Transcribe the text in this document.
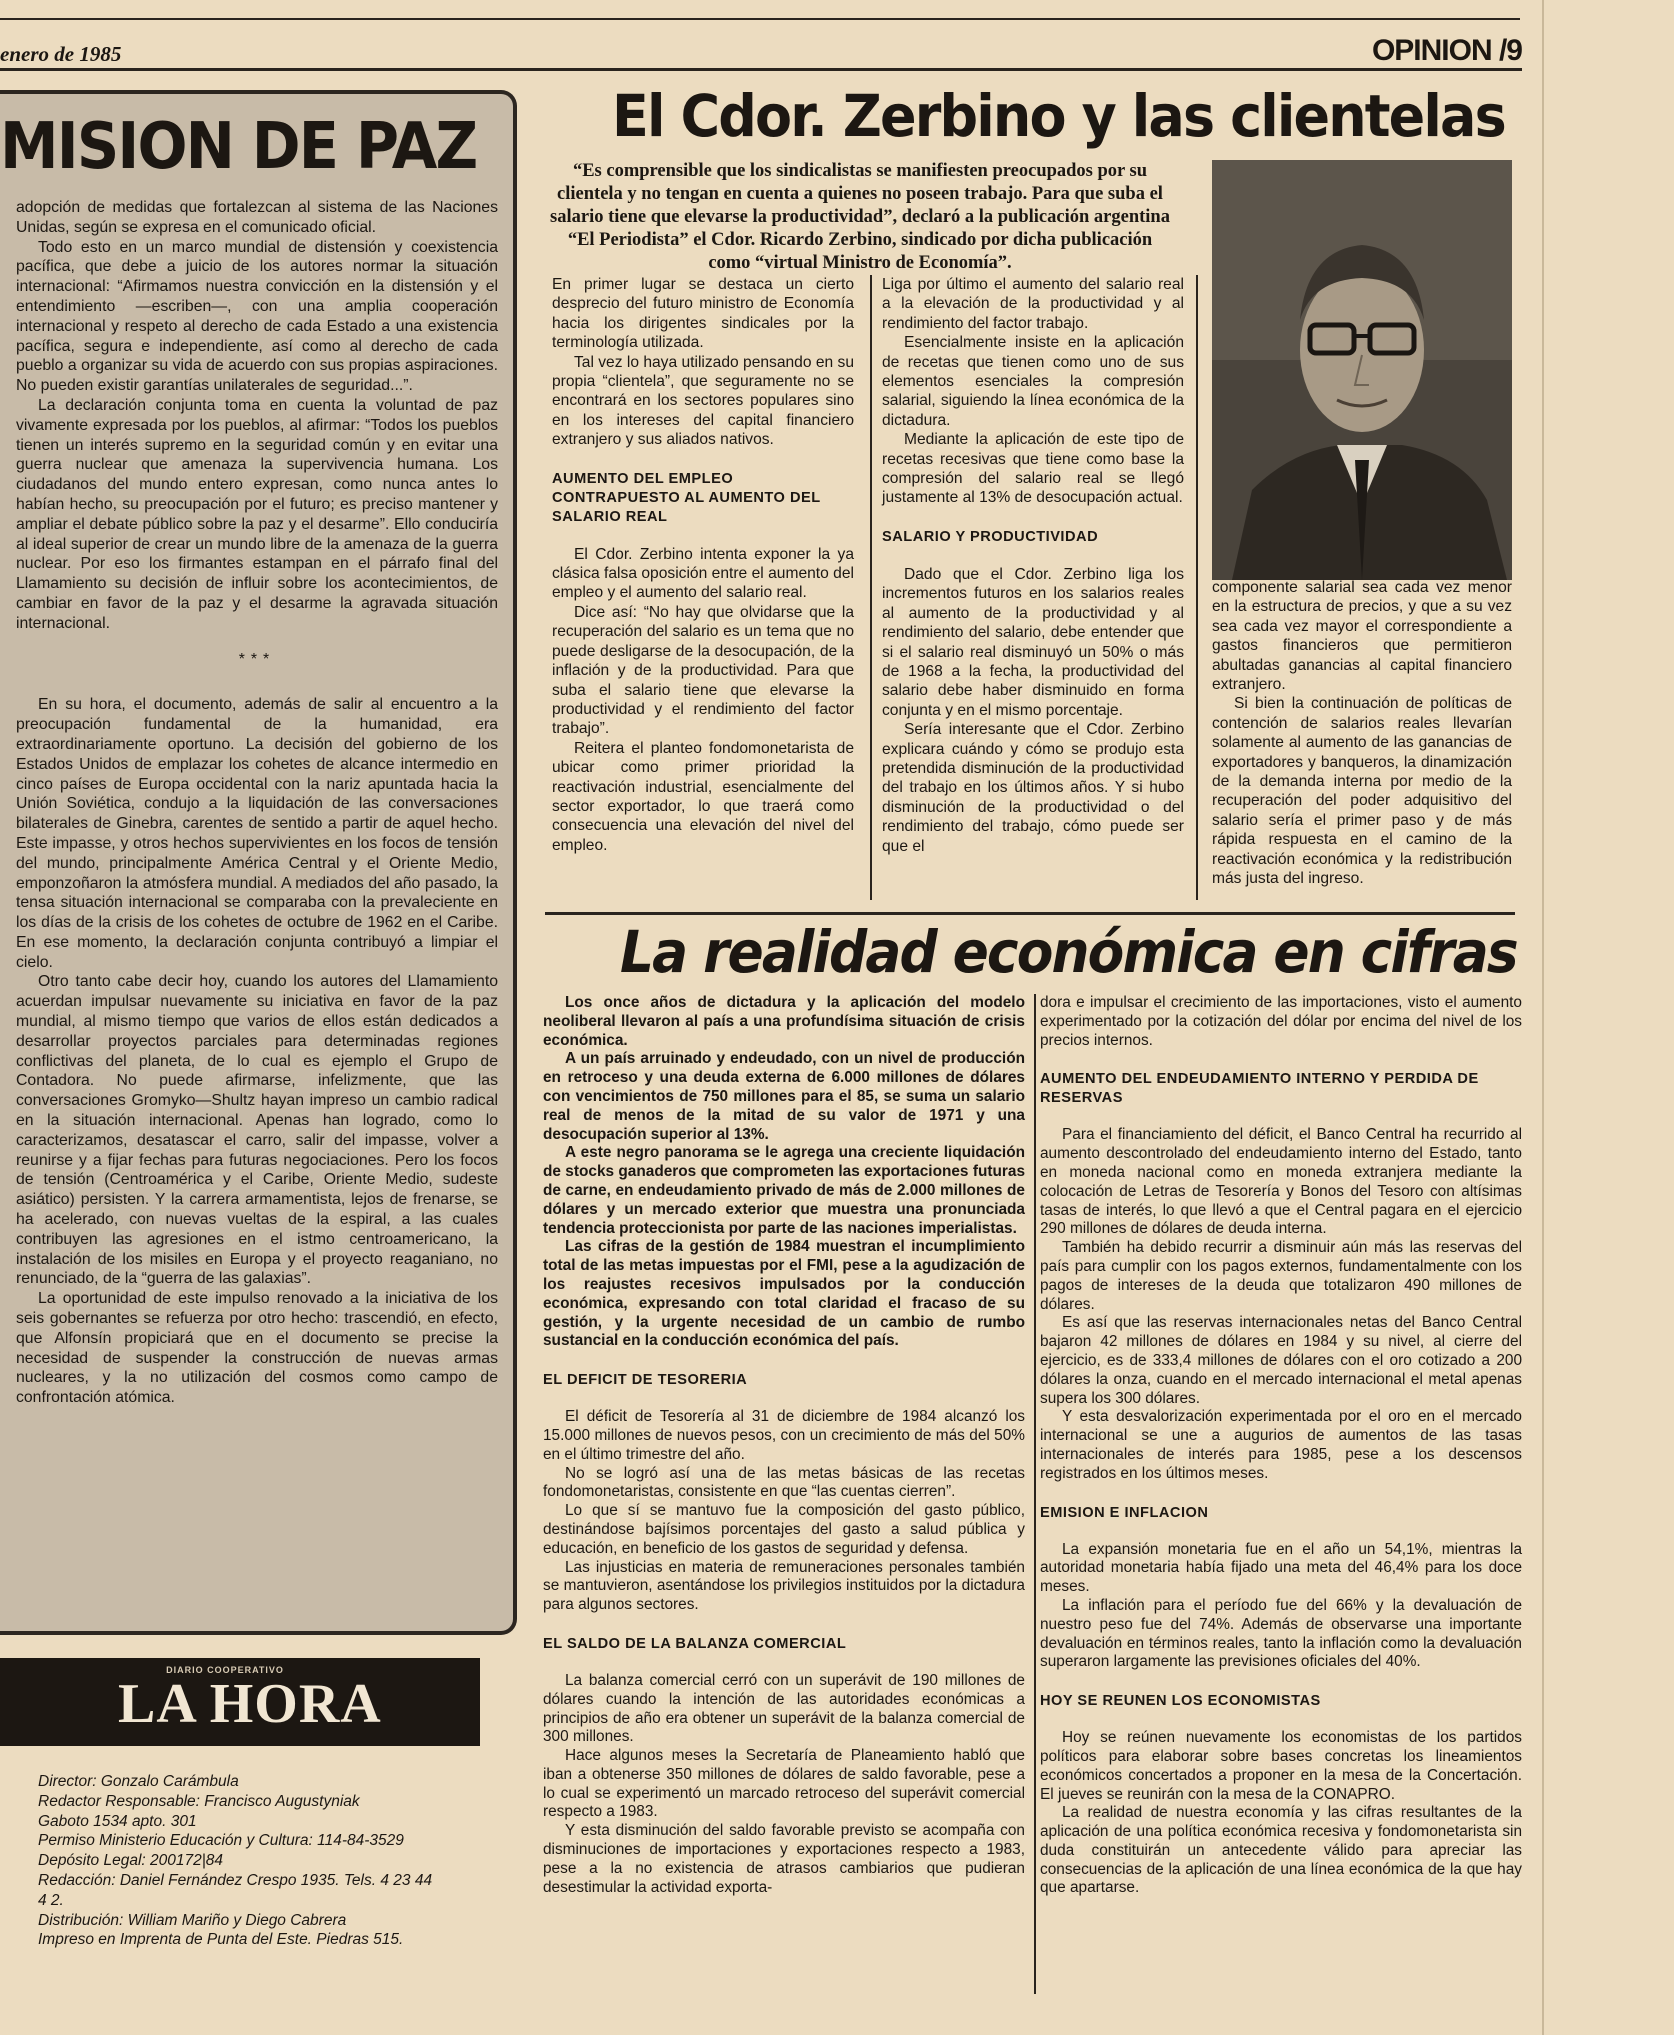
enero de 1985	OPINION /9
MISION DE PAZ

adopción de medidas que fortalezcan al sistema de las Naciones Unidas, según se expresa en el comunicado oficial.

Todo esto en un marco mundial de distensión y coexistencia pacífica, que debe a juicio de los autores normar la situación internacional: “Afirmamos nuestra convicción en la distensión y el entendimiento —escriben—, con una amplia cooperación internacional y respeto al derecho de cada Estado a una existencia pacífica, segura e independiente, así como al derecho de cada pueblo a organizar su vida de acuerdo con sus propias aspiraciones. No pueden existir garantías unilaterales de seguridad...”.

La declaración conjunta toma en cuenta la voluntad de paz vivamente expresada por los pueblos, al afirmar: “Todos los pueblos tienen un interés supremo en la seguridad común y en evitar una guerra nuclear que amenaza la supervivencia humana. Los ciudadanos del mundo entero expresan, como nunca antes lo habían hecho, su preocupación por el futuro; es preciso mantener y ampliar el debate público sobre la paz y el desarme”. Ello conduciría al ideal superior de crear un mundo libre de la amenaza de la guerra nuclear. Por eso los firmantes estampan en el párrafo final del Llamamiento su decisión de influir sobre los acontecimientos, de cambiar en favor de la paz y el desarme la agravada situación internacional.

***

En su hora, el documento, además de salir al encuentro a la preocupación fundamental de la humanidad, era extraordinariamente oportuno. La decisión del gobierno de los Estados Unidos de emplazar los cohetes de alcance intermedio en cinco países de Europa occidental con la nariz apuntada hacia la Unión Soviética, condujo a la liquidación de las conversaciones bilaterales de Ginebra, carentes de sentido a partir de aquel hecho. Este impasse, y otros hechos supervivientes en los focos de tensión del mundo, principalmente América Central y el Oriente Medio, emponzoñaron la atmósfera mundial. A mediados del año pasado, la tensa situación internacional se comparaba con la prevaleciente en los días de la crisis de los cohetes de octubre de 1962 en el Caribe. En ese momento, la declaración conjunta contribuyó a limpiar el cielo.

Otro tanto cabe decir hoy, cuando los autores del Llamamiento acuerdan impulsar nuevamente su iniciativa en favor de la paz mundial, al mismo tiempo que varios de ellos están dedicados a desarrollar proyectos parciales para determinadas regiones conflictivas del planeta, de lo cual es ejemplo el Grupo de Contadora. No puede afirmarse, infelizmente, que las conversaciones Gromyko—Shultz hayan impreso un cambio radical en la situación internacional. Apenas han logrado, como lo caracterizamos, desatascar el carro, salir del impasse, volver a reunirse y a fijar fechas para futuras negociaciones. Pero los focos de tensión (Centroamérica y el Caribe, Oriente Medio, sudeste asiático) persisten. Y la carrera armamentista, lejos de frenarse, se ha acelerado, con nuevas vueltas de la espiral, a las cuales contribuyen las agresiones en el istmo centroamericano, la instalación de los misiles en Europa y el proyecto reaganiano, no renunciado, de la “guerra de las galaxias”.

La oportunidad de este impulso renovado a la iniciativa de los seis gobernantes se refuerza por otro hecho: trascendió, en efecto, que Alfonsín propiciará que en el documento se precise la necesidad de suspender la construcción de nuevas armas nucleares, y la no utilización del cosmos como campo de confrontación atómica.

DIARIO COOPERATIVO
LA HORA
Director: Gonzalo Carámbula
Redactor Responsable: Francisco Augustyniak
Gaboto 1534 apto. 301
Permiso Ministerio Educación y Cultura: 114-84-3529
Depósito Legal: 200172|84
Redacción: Daniel Fernández Crespo 1935. Tels. 4 23 44
4 2.
Distribución: William Mariño y Diego Cabrera
Impreso en Imprenta de Punta del Este. Piedras 515.
El Cdor. Zerbino y las clientelas
“Es comprensible que los sindicalistas se manifiesten preocupados por su clientela y no tengan en cuenta a quienes no poseen trabajo. Para que suba el salario tiene que elevarse la productividad”, declaró a la publicación argentina “El Periodista” el Cdor. Ricardo Zerbino, sindicado por dicha publicación como “virtual Ministro de Economía”.

En primer lugar se destaca un cierto desprecio del futuro ministro de Economía hacia los dirigentes sindicales por la terminología utilizada.

Tal vez lo haya utilizado pensando en su propia “clientela”, que seguramente no se encontrará en los sectores populares sino en los intereses del capital financiero extranjero y sus aliados nativos.

AUMENTO DEL EMPLEO CONTRAPUESTO AL AUMENTO DEL SALARIO REAL

El Cdor. Zerbino intenta exponer la ya clásica falsa oposición entre el aumento del empleo y el aumento del salario real.

Dice así: “No hay que olvidarse que la recuperación del salario es un tema que no puede desligarse de la desocupación, de la inflación y de la productividad. Para que suba el salario tiene que elevarse la productividad y el rendimiento del factor trabajo”.

Reitera el planteo fondomonetarista de ubicar como primer prioridad la reactivación industrial, esencialmente del sector exportador, lo que traerá como consecuencia una elevación del nivel del empleo.

Liga por último el aumento del salario real a la elevación de la productividad y al rendimiento del factor trabajo.

Esencialmente insiste en la aplicación de recetas que tienen como uno de sus elementos esenciales la compresión salarial, siguiendo la línea económica de la dictadura.

Mediante la aplicación de este tipo de recetas recesivas que tiene como base la compresión del salario real se llegó justamente al 13% de desocupación actual.

SALARIO Y PRODUCTIVIDAD

Dado que el Cdor. Zerbino liga los incrementos futuros en los salarios reales al aumento de la productividad y al rendimiento del salario, debe entender que si el salario real disminuyó un 50% o más de 1968 a la fecha, la productividad del salario debe haber disminuido en forma conjunta y en el mismo porcentaje.

Sería interesante que el Cdor. Zerbino explicara cuándo y cómo se produjo esta pretendida disminución de la productividad del trabajo en los últimos años. Y si hubo disminución de la productividad o del rendimiento del trabajo, cómo puede ser que el

componente salarial sea cada vez menor en la estructura de precios, y que a su vez sea cada vez mayor el correspondiente a gastos financieros que permitieron abultadas ganancias al capital financiero extranjero.

Si bien la continuación de políticas de contención de salarios reales llevarían solamente al aumento de las ganancias de exportadores y banqueros, la dinamización de la demanda interna por medio de la recuperación del poder adquisitivo del salario sería el primer paso y de más rápida respuesta en el camino de la reactivación económica y la redistribución más justa del ingreso.

La realidad económica en cifras

Los once años de dictadura y la aplicación del modelo neoliberal llevaron al país a una profundísima situación de crisis económica.

A un país arruinado y endeudado, con un nivel de producción en retroceso y una deuda externa de 6.000 millones de dólares con vencimientos de 750 millones para el 85, se suma un salario real de menos de la mitad de su valor de 1971 y una desocupación superior al 13%.

A este negro panorama se le agrega una creciente liquidación de stocks ganaderos que comprometen las exportaciones futuras de carne, en endeudamiento privado de más de 2.000 millones de dólares y un mercado exterior que muestra una pronunciada tendencia proteccionista por parte de las naciones imperialistas.

Las cifras de la gestión de 1984 muestran el incumplimiento total de las metas impuestas por el FMI, pese a la agudización de los reajustes recesivos impulsados por la conducción económica, expresando con total claridad el fracaso de su gestión, y la urgente necesidad de un cambio de rumbo sustancial en la conducción económica del país.

EL DEFICIT DE TESORERIA

El déficit de Tesorería al 31 de diciembre de 1984 alcanzó los 15.000 millones de nuevos pesos, con un crecimiento de más del 50% en el último trimestre del año.

No se logró así una de las metas básicas de las recetas fondomonetaristas, consistente en que “las cuentas cierren”.

Lo que sí se mantuvo fue la composición del gasto público, destinándose bajísimos porcentajes del gasto a salud pública y educación, en beneficio de los gastos de seguridad y defensa.

Las injusticias en materia de remuneraciones personales también se mantuvieron, asentándose los privilegios instituidos por la dictadura para algunos sectores.

EL SALDO DE LA BALANZA COMERCIAL

La balanza comercial cerró con un superávit de 190 millones de dólares cuando la intención de las autoridades económicas a principios de año era obtener un superávit de la balanza comercial de 300 millones.

Hace algunos meses la Secretaría de Planeamiento habló que iban a obtenerse 350 millones de dólares de saldo favorable, pese a lo cual se experimentó un marcado retroceso del superávit comercial respecto a 1983.

Y esta disminución del saldo favorable previsto se acompaña con disminuciones de importaciones y exportaciones respecto a 1983, pese a la no existencia de atrasos cambiarios que pudieran desestimular la actividad exporta-

dora e impulsar el crecimiento de las importaciones, visto el aumento experimentado por la cotización del dólar por encima del nivel de los precios internos.

AUMENTO DEL ENDEUDAMIENTO INTERNO Y PERDIDA DE RESERVAS

Para el financiamiento del déficit, el Banco Central ha recurrido al aumento descontrolado del endeudamiento interno del Estado, tanto en moneda nacional como en moneda extranjera mediante la colocación de Letras de Tesorería y Bonos del Tesoro con altísimas tasas de interés, lo que llevó a que el Central pagara en el ejercicio 290 millones de dólares de deuda interna.

También ha debido recurrir a disminuir aún más las reservas del país para cumplir con los pagos externos, fundamentalmente con los pagos de intereses de la deuda que totalizaron 490 millones de dólares.

Es así que las reservas internacionales netas del Banco Central bajaron 42 millones de dólares en 1984 y su nivel, al cierre del ejercicio, es de 333,4 millones de dólares con el oro cotizado a 200 dólares la onza, cuando en el mercado internacional el metal apenas supera los 300 dólares.

Y esta desvalorización experimentada por el oro en el mercado internacional se une a augurios de aumentos de las tasas internacionales de interés para 1985, pese a los descensos registrados en los últimos meses.

EMISION E INFLACION

La expansión monetaria fue en el año un 54,1%, mientras la autoridad monetaria había fijado una meta del 46,4% para los doce meses.

La inflación para el período fue del 66% y la devaluación de nuestro peso fue del 74%. Además de observarse una importante devaluación en términos reales, tanto la inflación como la devaluación superaron largamente las previsiones oficiales del 40%.

HOY SE REUNEN LOS ECONOMISTAS

Hoy se reúnen nuevamente los economistas de los partidos políticos para elaborar sobre bases concretas los lineamientos económicos concertados a proponer en la mesa de la Concertación. El jueves se reunirán con la mesa de la CONAPRO.

La realidad de nuestra economía y las cifras resultantes de la aplicación de una política económica recesiva y fondomonetarista sin duda constituirán un antecedente válido para apreciar las consecuencias de la aplicación de una línea económica de la que hay que apartarse.
